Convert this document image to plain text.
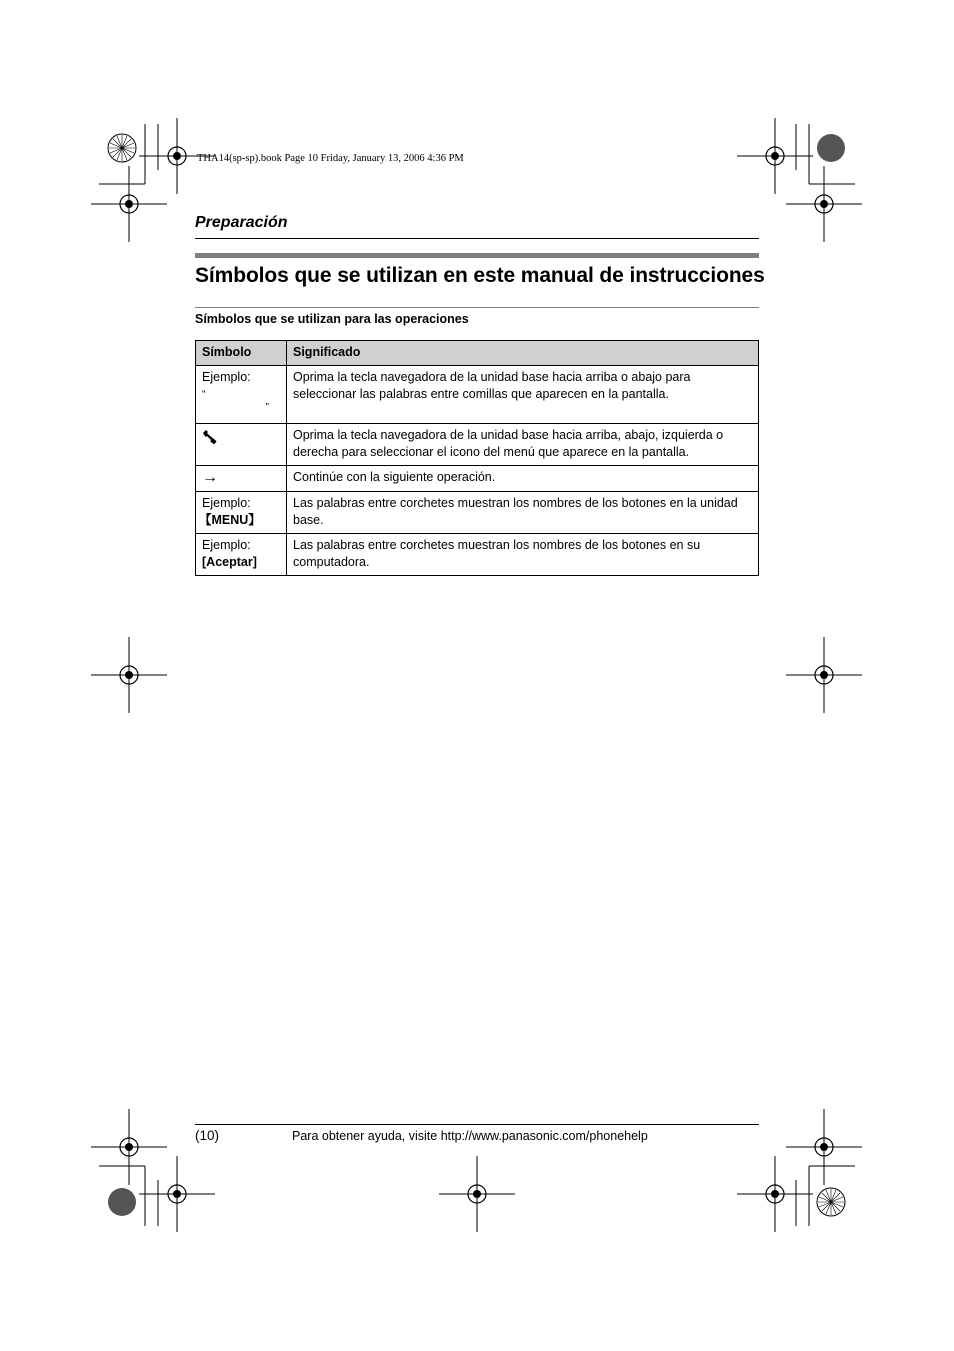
THA14(sp-sp).book Page 10 Friday, January 13, 2006 4:36 PM
Preparación
Símbolos que se utilizan en este manual de instrucciones
Símbolos que se utilizan para las operaciones
Símbolo	Significado
Ejemplo:
“
”	Oprima la tecla navegadora de la unidad base hacia arriba o abajo para seleccionar las palabras entre comillas que aparecen en la pantalla.
	Oprima la tecla navegadora de la unidad base hacia arriba, abajo, izquierda o derecha para seleccionar el icono del menú que aparece en la pantalla.
→	Continúe con la siguiente operación.

Ejemplo:
【MENU】	Las palabras entre corchetes muestran los nombres de los botones en la unidad base.

Ejemplo:
[Aceptar]	Las palabras entre corchetes muestran los nombres de los botones en su computadora.
(10)	Para obtener ayuda, visite http://www.panasonic.com/phonehelp
